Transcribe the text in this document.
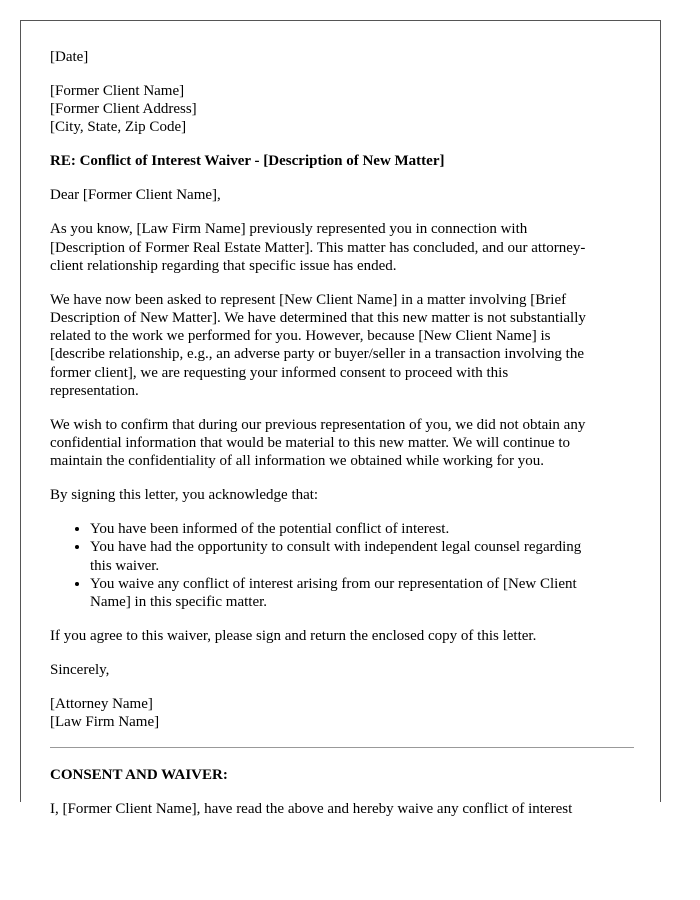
[Date]
[Former Client Name]
[Former Client Address]
[City, State, Zip Code]
RE: Conflict of Interest Waiver - [Description of New Matter]
Dear [Former Client Name],
As you know, [Law Firm Name] previously represented you in connection with
[Description of Former Real Estate Matter]. This matter has concluded, and our attorney-
client relationship regarding that specific issue has ended.
We have now been asked to represent [New Client Name] in a matter involving [Brief
Description of New Matter]. We have determined that this new matter is not substantially
related to the work we performed for you. However, because [New Client Name] is
[describe relationship, e.g., an adverse party or buyer/seller in a transaction involving the
former client], we are requesting your informed consent to proceed with this
representation.
We wish to confirm that during our previous representation of you, we did not obtain any
confidential information that would be material to this new matter. We will continue to
maintain the confidentiality of all information we obtained while working for you.
By signing this letter, you acknowledge that:
• You have been informed of the potential conflict of interest.
• You have had the opportunity to consult with independent legal counsel regarding
this waiver.
• You waive any conflict of interest arising from our representation of [New Client
Name] in this specific matter.
If you agree to this waiver, please sign and return the enclosed copy of this letter.
Sincerely,
[Attorney Name]
[Law Firm Name]
CONSENT AND WAIVER:
I, [Former Client Name], have read the above and hereby waive any conflict of interest
